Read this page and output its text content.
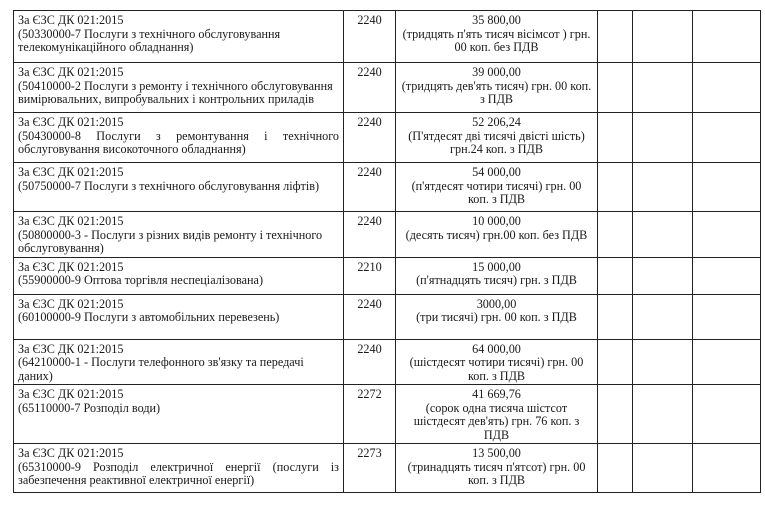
За ЄЗС ДК 021:2015
(50330000-7 Послуги з технічного обслуговування телекомунікаційного обладнання)	2240	35 800,00
(тридцять п'ять тисяч вісімсот ) грн. 00 коп. без ПДВ			

За ЄЗС ДК 021:2015
(50410000-2 Послуги з ремонту і технічного обслуговування вимірювальних, випробувальних і контрольних приладів	2240	39 000,00
(тридцять дев'ять тисяч) грн. 00 коп. з ПДВ			

За ЄЗС ДК 021:2015
(50430000-8 Послуги з ремонтування і технічного обслуговування високоточного обладнання)	2240	52 206,24
(П'ятдесят дві тисячі двісті шість) грн.24 коп. з ПДВ			

За ЄЗС ДК 021:2015
(50750000-7 Послуги з технічного обслуговування ліфтів)	2240	54 000,00
(п'ятдесят чотири тисячі) грн. 00 коп. з ПДВ			

За ЄЗС ДК 021:2015
(50800000-3 - Послуги з різних видів ремонту і технічного обслуговування)	2240	10 000,00
(десять тисяч) грн.00 коп. без ПДВ			

За ЄЗС ДК 021:2015
(55900000-9 Оптова торгівля неспеціалізована)	2210	15 000,00
(п'ятнадцять тисяч) грн. з ПДВ			

За ЄЗС ДК 021:2015
(60100000-9 Послуги з автомобільних перевезень)	2240	3000,00
(три тисячі) грн. 00 коп. з ПДВ			

За ЄЗС ДК 021:2015
(64210000-1 - Послуги телефонного зв'язку та передачі даних)	2240	64 000,00
(шістдесят чотири тисячі) грн. 00 коп. з ПДВ			

За ЄЗС ДК 021:2015
(65110000-7 Розподіл води)	2272	41 669,76
(сорок одна тисяча шістсот шістдесят дев'ять) грн. 76 коп. з ПДВ			

За ЄЗС ДК 021:2015
(65310000-9 Розподіл електричної енергії (послуги із забезпечення реактивної електричної енергії)	2273	13 500,00
(тринадцять тисяч п'ятсот) грн. 00 коп. з ПДВ			
